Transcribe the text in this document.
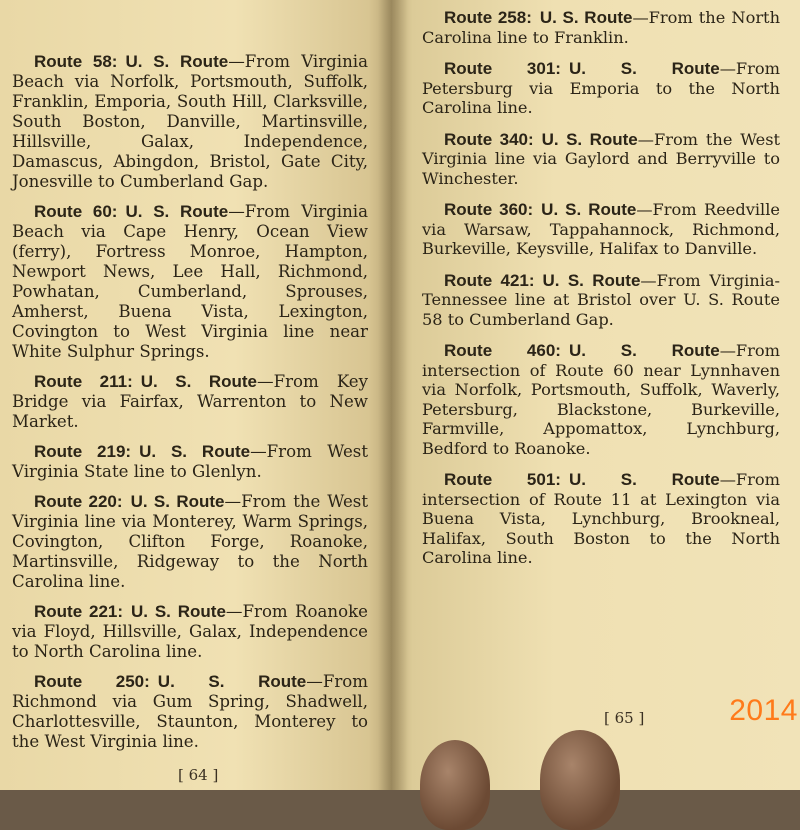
Route 58: U. S. Route—From Virginia Beach via Norfolk, Portsmouth, Suffolk, Franklin, Emporia, South Hill, Clarksville, South Boston, Danville, Martinsville, Hillsville, Galax, Independence, Damascus, Abingdon, Bristol, Gate City, Jonesville to Cumberland Gap.
Route 60: U. S. Route—From Virginia Beach via Cape Henry, Ocean View (ferry), Fortress Monroe, Hampton, Newport News, Lee Hall, Richmond, Powhatan, Cumberland, Sprouses, Amherst, Buena Vista, Lexington, Covington to West Virginia line near White Sulphur Springs.
Route 211: U. S. Route—From Key Bridge via Fairfax, Warrenton to New Market.
Route 219: U. S. Route—From West Virginia State line to Glenlyn.
Route 220: U. S. Route—From the West Virginia line via Monterey, Warm Springs, Covington, Clifton Forge, Roanoke, Martinsville, Ridgeway to the North Carolina line.
Route 221: U. S. Route—From Roanoke via Floyd, Hillsville, Galax, Independence to North Carolina line.
Route 250: U. S. Route—From Richmond via Gum Spring, Shadwell, Charlottesville, Staunton, Monterey to the West Virginia line.
Route 258: U. S. Route—From the North Carolina line to Franklin.
Route 301: U. S. Route—From Petersburg via Emporia to the North Carolina line.
Route 340: U. S. Route—From the West Virginia line via Gaylord and Berryville to Winchester.
Route 360: U. S. Route—From Reedville via Warsaw, Tappahannock, Richmond, Burkeville, Keysville, Halifax to Danville.
Route 421: U. S. Route—From Virginia-Tennessee line at Bristol over U. S. Route 58 to Cumberland Gap.
Route 460: U. S. Route—From intersection of Route 60 near Lynnhaven via Norfolk, Portsmouth, Suffolk, Waverly, Petersburg, Blackstone, Burkeville, Farmville, Appomattox, Lynchburg, Bedford to Roanoke.
Route 501: U. S. Route—From intersection of Route 11 at Lexington via Buena Vista, Lynchburg, Brookneal, Halifax, South Boston to the North Carolina line.
[ 64 ]
[ 65 ]	2014
